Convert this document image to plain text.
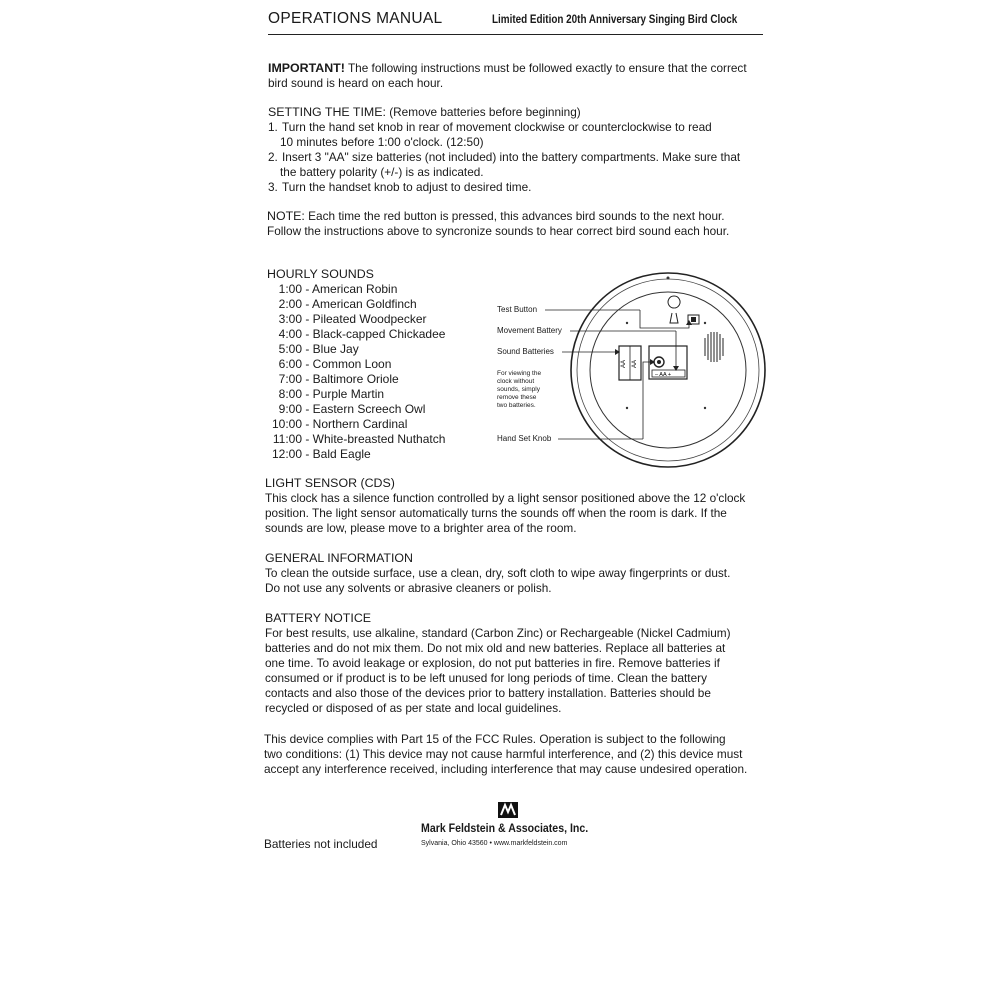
OPERATIONS MANUAL	Limited Edition 20th Anniversary Singing Bird Clock
IMPORTANT! The following instructions must be followed exactly to ensure that the correct
bird sound is heard on each hour.
SETTING THE TIME: (Remove batteries before beginning)
1. Turn the hand set knob in rear of movement clockwise or counterclockwise to read
10 minutes before 1:00 o'clock. (12:50)
2. Insert 3 "AA" size batteries (not included) into the battery compartments. Make sure that
the battery polarity (+/-) is as indicated.
3. Turn the handset knob to adjust to desired time.
NOTE: Each time the red button is pressed, this advances bird sounds to the next hour.
Follow the instructions above to syncronize sounds to hear correct bird sound each hour.
HOURLY SOUNDS
1:00 - American Robin
2:00 - American Goldfinch
3:00 - Pileated Woodpecker
4:00 - Black-capped Chickadee
5:00 - Blue Jay
6:00 - Common Loon
7:00 - Baltimore Oriole
8:00 - Purple Martin
9:00 - Eastern Screech Owl
10:00 - Northern Cardinal
11:00 - White-breasted Nuthatch
12:00 - Bald Eagle
AA AA
– AA +
Test Button
Movement Battery
Sound Batteries
For viewing the
clock without
sounds, simply
remove these
two batteries.
Hand Set Knob
LIGHT SENSOR (CDS)
This clock has a silence function controlled by a light sensor positioned above the 12 o'clock
position. The light sensor automatically turns the sounds off when the room is dark. If the
sounds are low, please move to a brighter area of the room.
GENERAL INFORMATION
To clean the outside surface, use a clean, dry, soft cloth to wipe away fingerprints or dust.
Do not use any solvents or abrasive cleaners or polish.
BATTERY NOTICE
For best results, use alkaline, standard (Carbon Zinc) or Rechargeable (Nickel Cadmium)
batteries and do not mix them. Do not mix old and new batteries. Replace all batteries at
one time. To avoid leakage or explosion, do not put batteries in fire. Remove batteries if
consumed or if product is to be left unused for long periods of time. Clean the battery
contacts and also those of the devices prior to battery installation. Batteries should be
recycled or disposed of as per state and local guidelines.
This device complies with Part 15 of the FCC Rules. Operation is subject to the following
two conditions: (1) This device may not cause harmful interference, and (2) this device must
accept any interference received, including interference that may cause undesired operation.
Mark Feldstein & Associates, Inc.
Sylvania, Ohio 43560 • www.markfeldstein.com
Batteries not included
